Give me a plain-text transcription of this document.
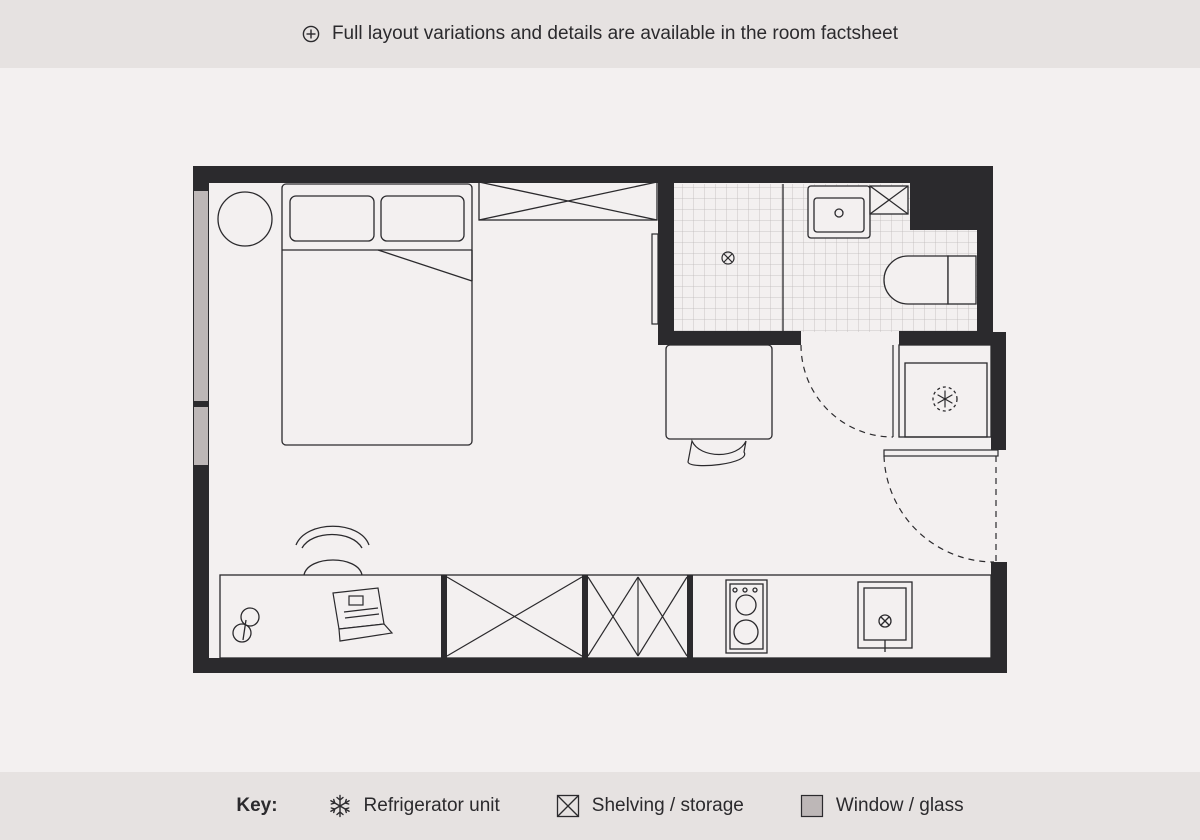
Full layout variations and details are available in the room factsheet
Key:	Refrigerator unit	Shelving / storage	Window / glass
